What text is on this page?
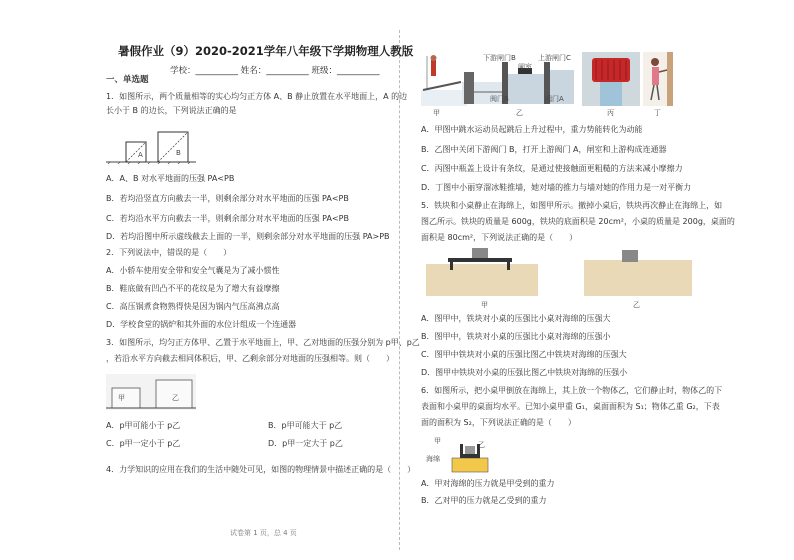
暑假作业（9）2020-2021学年八年级下学期物理人教版
学校：__________ 姓名：__________ 班级：__________
一、单选题
1．如图所示，两个质量相等的实心均匀正方体 A、B 静止放置在水平地面上，A 的边
长小于 B 的边长，下列说法正确的是
A	B
A．A、B 对水平地面的压强 PA<PB
B．若均沿竖直方向截去一半，则剩余部分对水平地面的压强 PA<PB
C．若均沿水平方向截去一半，则剩余部分对水平地面的压强 PA<PB
D．若均沿图中所示虚线截去上面的一半，则剩余部分对水平地面的压强 PA>PB
2．下列说法中，错误的是（　　）
A．小轿车使用安全带和安全气囊是为了减小惯性
B．鞋底做有凹凸不平的花纹是为了增大有益摩擦
C．高压锅煮食物熟得快是因为锅内气压高沸点高
D．学校食堂的锅炉和其外面的水位计组成一个连通器
3．如图所示，均匀正方体甲、乙置于水平地面上，甲、乙对地面的压强分别为 p甲、p乙
，若沿水平方向截去相同体积后，甲、乙剩余部分对地面的压强相等。则（　　）
甲	乙
A．p甲可能小于 p乙	B．p甲可能大于 p乙
C．p甲一定小于 p乙	D．p甲一定大于 p乙
4．力学知识的应用在我们的生活中随处可见，如图的物理情景中描述正确的是（　　）
下游闸门B	上游闸门C
闸室
阀门B	阀门A
甲	乙	丙	丁
A．甲图中跳水运动员起跳后上升过程中，重力势能转化为动能
B．乙图中关闭下游阀门 B，打开上游阀门 A，闸室和上游构成连通器
C．丙图中瓶盖上设计有条纹，是通过使接触面更粗糙的方法来减小摩擦力
D．丁图中小丽穿溜冰鞋推墙，她对墙的推力与墙对她的作用力是一对平衡力
5．铁块和小桌静止在海绵上，如图甲所示。撤掉小桌后，铁块再次静止在海绵上，如
图乙所示。铁块的质量是 600g，铁块的底面积是 20cm²，小桌的质量是 200g，桌面的
面积是 80cm²，下列说法正确的是（　　）
甲	乙
A．图甲中，铁块对小桌的压强比小桌对海绵的压强大
B．图甲中，铁块对小桌的压强比小桌对海绵的压强小
C．图甲中铁块对小桌的压强比图乙中铁块对海绵的压强大
D．图甲中铁块对小桌的压强比图乙中铁块对海绵的压强小
6．如图所示，把小桌甲倒放在海绵上，其上放一个物体乙，它们静止时，物体乙的下
表面和小桌甲的桌面均水平。已知小桌甲重 G₁，桌面面积为 S₁；物体乙重 G₂，下表
面的面积为 S₂，下列说法正确的是（　　）
甲
海绵
乙
A．甲对海绵的压力就是甲受到的重力
B．乙对甲的压力就是乙受到的重力
试卷第 1 页，总 4 页
